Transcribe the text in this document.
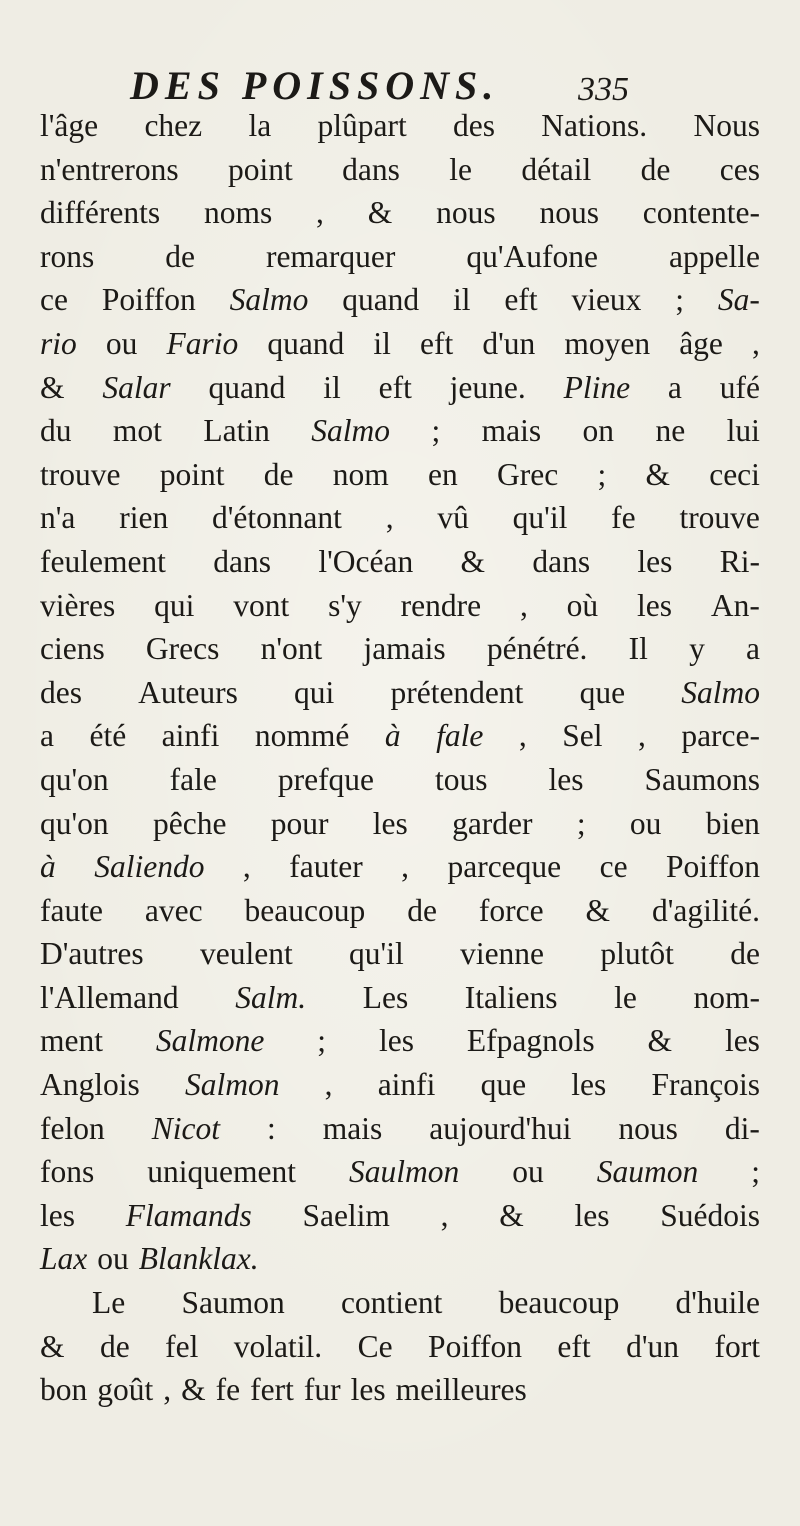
DES POISSONS. 335
l'âge chez la plûpart des Nations. Nous
n'entrerons point dans le détail de ces
différents noms , & nous nous contente-
rons de remarquer qu'Aufone appelle
ce Poiffon Salmo quand il eft vieux ; Sa-
rio ou Fario quand il eft d'un moyen âge ,
& Salar quand il eft jeune. Pline a ufé
du mot Latin Salmo ; mais on ne lui
trouve point de nom en Grec ; & ceci
n'a rien d'étonnant , vû qu'il fe trouve
feulement dans l'Océan & dans les Ri-
vières qui vont s'y rendre , où les An-
ciens Grecs n'ont jamais pénétré. Il y a
des Auteurs qui prétendent que Salmo
a été ainfi nommé à fale , Sel , parce-
qu'on fale prefque tous les Saumons
qu'on pêche pour les garder ; ou bien
à Saliendo , fauter , parceque ce Poiffon
faute avec beaucoup de force & d'agilité.
D'autres veulent qu'il vienne plutôt de
l'Allemand Salm. Les Italiens le nom-
ment Salmone ; les Efpagnols & les
Anglois Salmon , ainfi que les François
felon Nicot : mais aujourd'hui nous di-
fons uniquement Saulmon ou Saumon ;
les Flamands Saelim , & les Suédois
Lax ou Blanklax.
Le Saumon contient beaucoup d'huile
& de fel volatil. Ce Poiffon eft d'un fort
bon goût , & fe fert fur les meilleures
